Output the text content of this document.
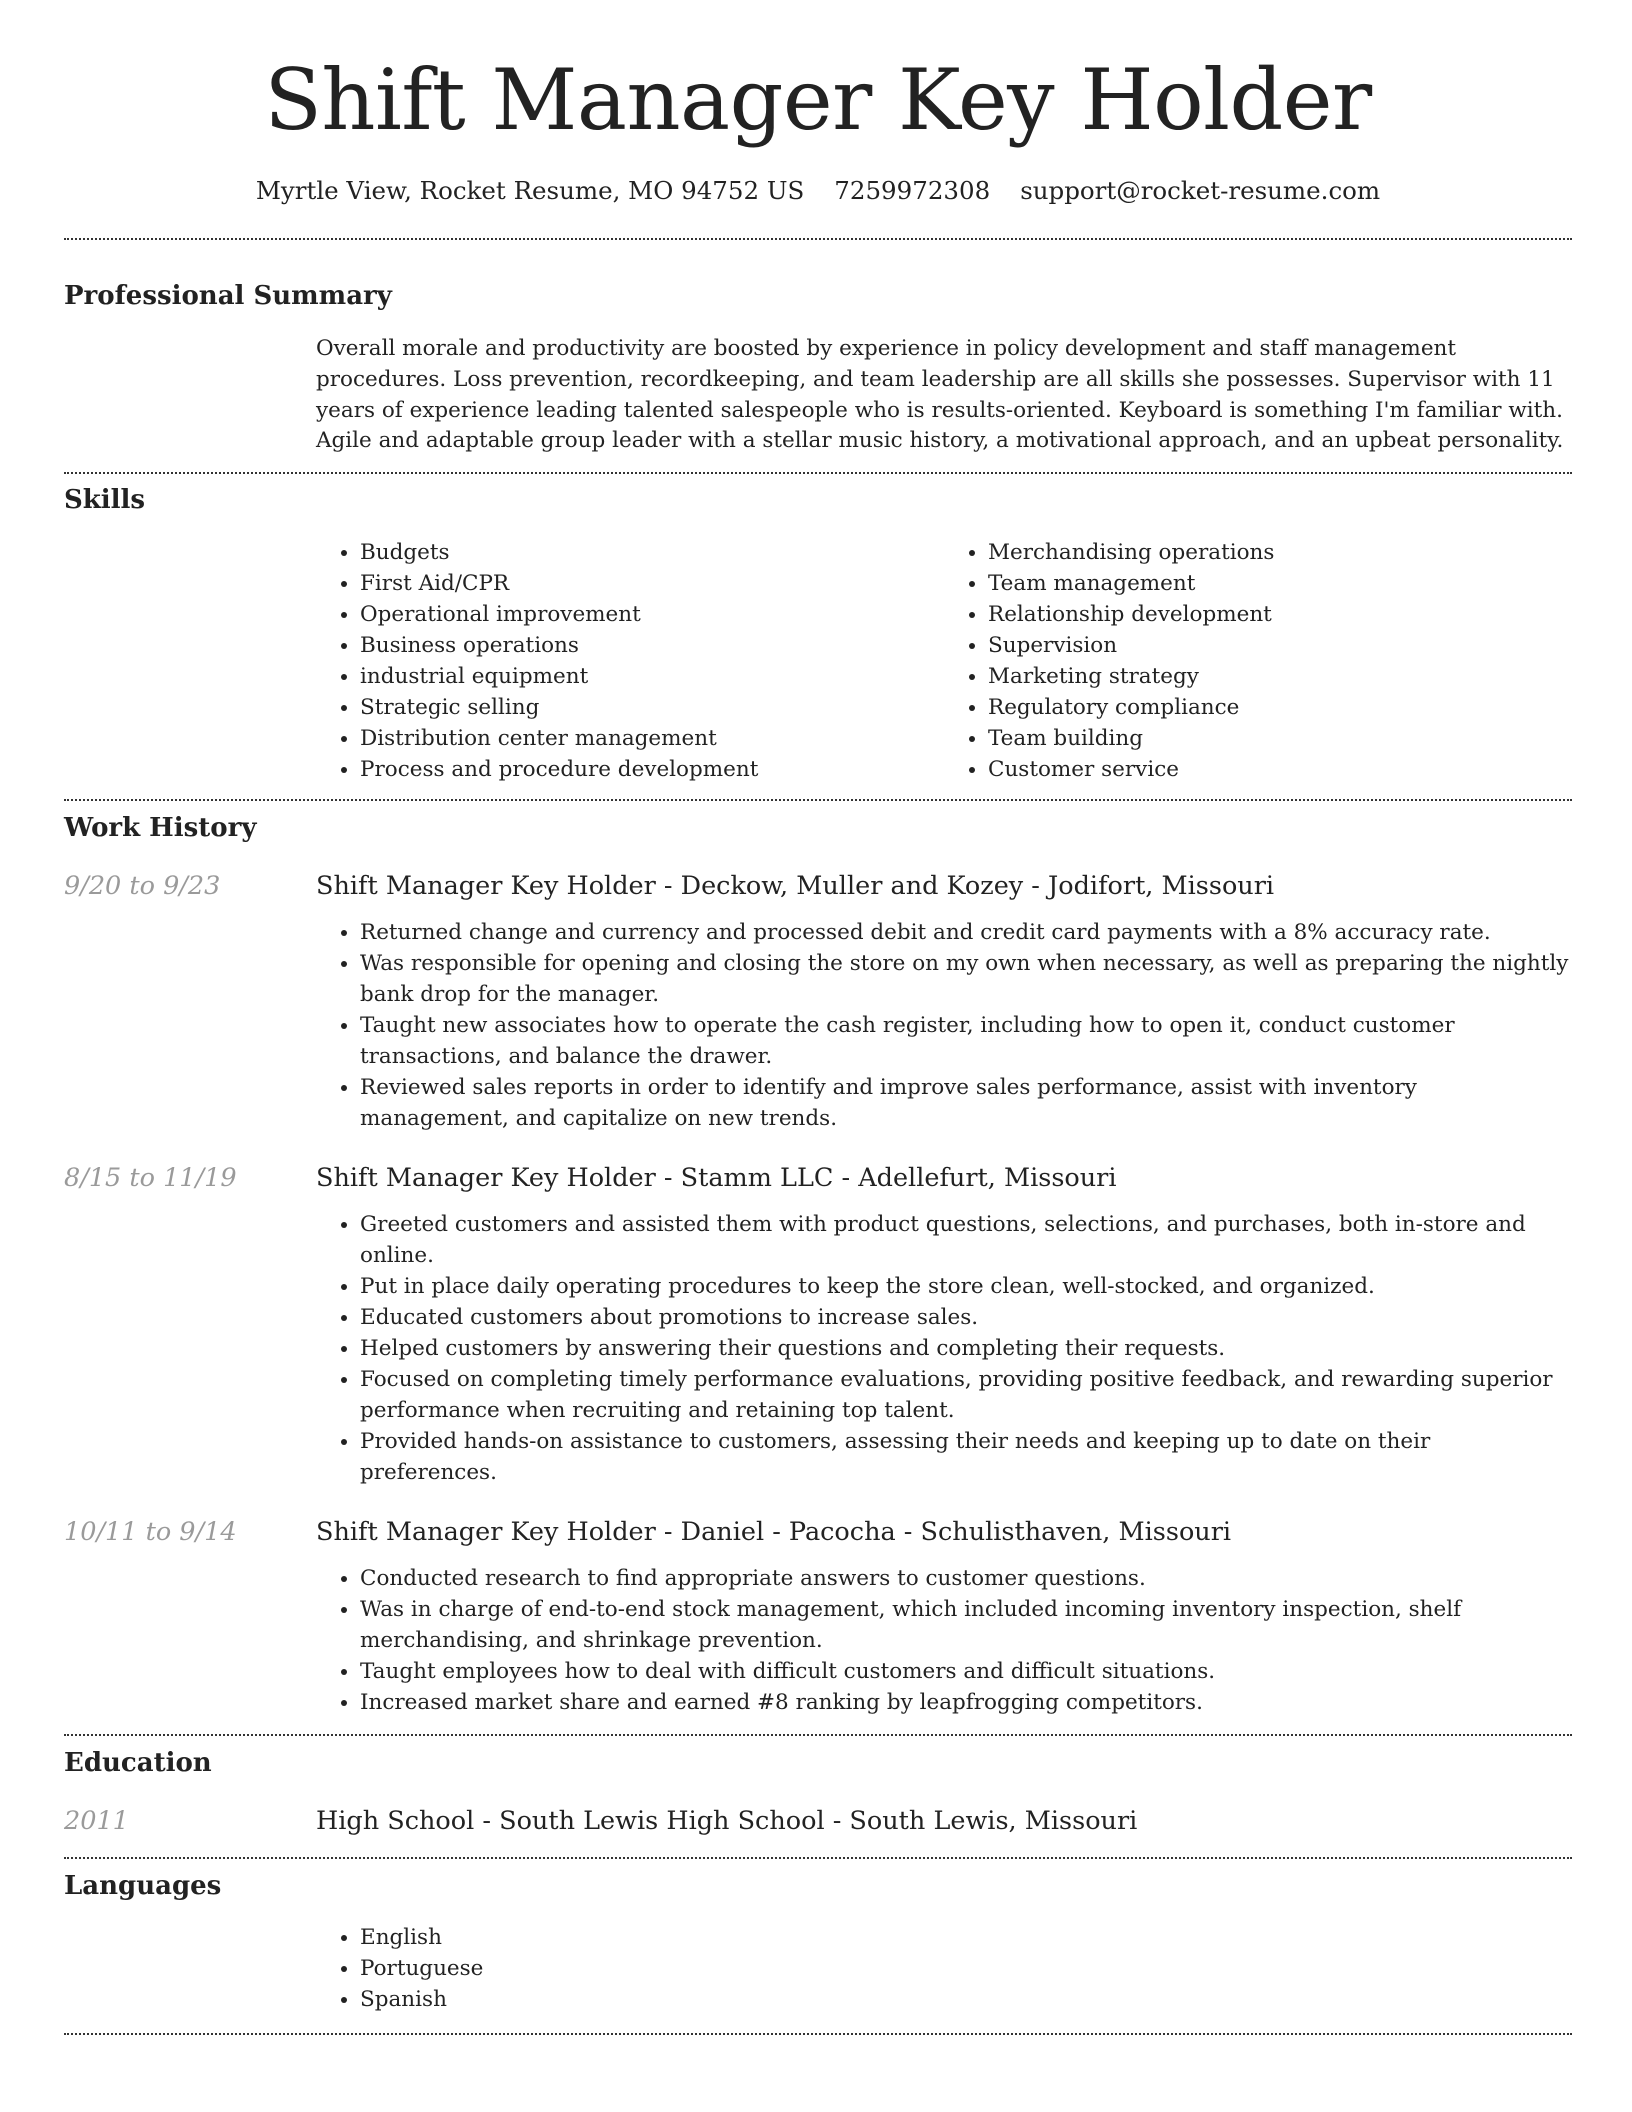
Shift Manager Key Holder
Myrtle View, Rocket Resume, MO 94752 US 7259972308 support@rocket-resume.com
Professional Summary
Overall morale and productivity are boosted by experience in policy development and staff management procedures. Loss prevention, recordkeeping, and team leadership are all skills she possesses. Supervisor with 11 years of experience leading talented salespeople who is results-oriented. Keyboard is something I'm familiar with. Agile and adaptable group leader with a stellar music history, a motivational approach, and an upbeat personality.
Skills
• Budgets
• First Aid/CPR
• Operational improvement
• Business operations
• industrial equipment
• Strategic selling
• Distribution center management
• Process and procedure development
• Merchandising operations
• Team management
• Relationship development
• Supervision
• Marketing strategy
• Regulatory compliance
• Team building
• Customer service
Work History
9/20 to 9/23	Shift Manager Key Holder - Deckow, Muller and Kozey - Jodifort, Missouri
• Returned change and currency and processed debit and credit card payments with a 8% accuracy rate.
• Was responsible for opening and closing the store on my own when necessary, as well as preparing the nightly bank drop for the manager.
• Taught new associates how to operate the cash register, including how to open it, conduct customer transactions, and balance the drawer.
• Reviewed sales reports in order to identify and improve sales performance, assist with inventory management, and capitalize on new trends.
8/15 to 11/19	Shift Manager Key Holder - Stamm LLC - Adellefurt, Missouri
• Greeted customers and assisted them with product questions, selections, and purchases, both in-store and online.
• Put in place daily operating procedures to keep the store clean, well-stocked, and organized.
• Educated customers about promotions to increase sales.
• Helped customers by answering their questions and completing their requests.
• Focused on completing timely performance evaluations, providing positive feedback, and rewarding superior performance when recruiting and retaining top talent.
• Provided hands-on assistance to customers, assessing their needs and keeping up to date on their preferences.
10/11 to 9/14	Shift Manager Key Holder - Daniel - Pacocha - Schulisthaven, Missouri
• Conducted research to find appropriate answers to customer questions.
• Was in charge of end-to-end stock management, which included incoming inventory inspection, shelf merchandising, and shrinkage prevention.
• Taught employees how to deal with difficult customers and difficult situations.
• Increased market share and earned #8 ranking by leapfrogging competitors.
Education
2011	High School - South Lewis High School - South Lewis, Missouri
Languages
• English
• Portuguese
• Spanish
